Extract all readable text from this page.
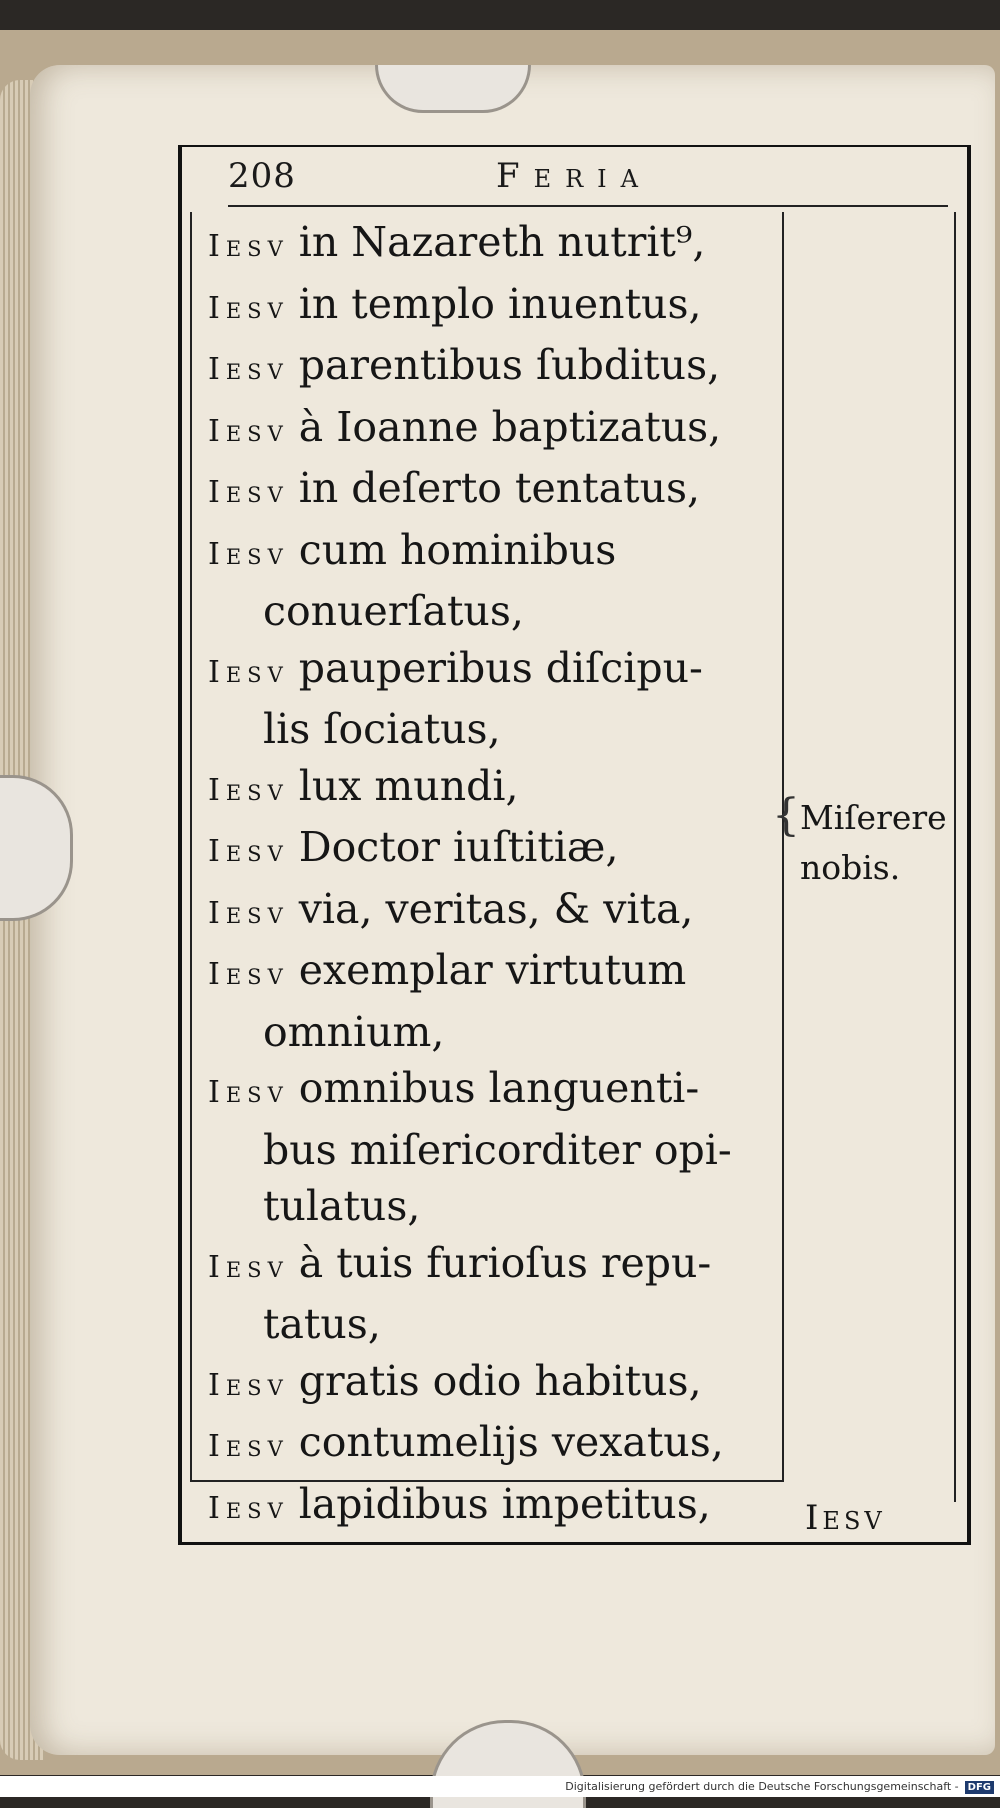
208	Feria
Iesv in Nazareth nutrit⁹,
Iesv in templo inuentus,
Iesv parentibus ſubditus,
Iesv à Ioanne baptizatus,
Iesv in deſerto tentatus,
Iesv cum hominibus
conuerſatus,
Iesv pauperibus diſcipu-
lis ſociatus,
Iesv lux mundi,
Iesv Doctor iuſtitiæ,
Iesv via, veritas, & vita,
Iesv exemplar virtutum
omnium,
Iesv omnibus languenti-
bus miſericorditer opi-
tulatus,
Iesv à tuis furioſus repu-
tatus,
Iesv gratis odio habitus,
Iesv contumelijs vexatus,
Iesv lapidibus impetitus,
{ Miſerere
nobis.
Iesv
Digitalisierung gefördert durch die Deutsche Forschungsgemeinschaft - DFG
